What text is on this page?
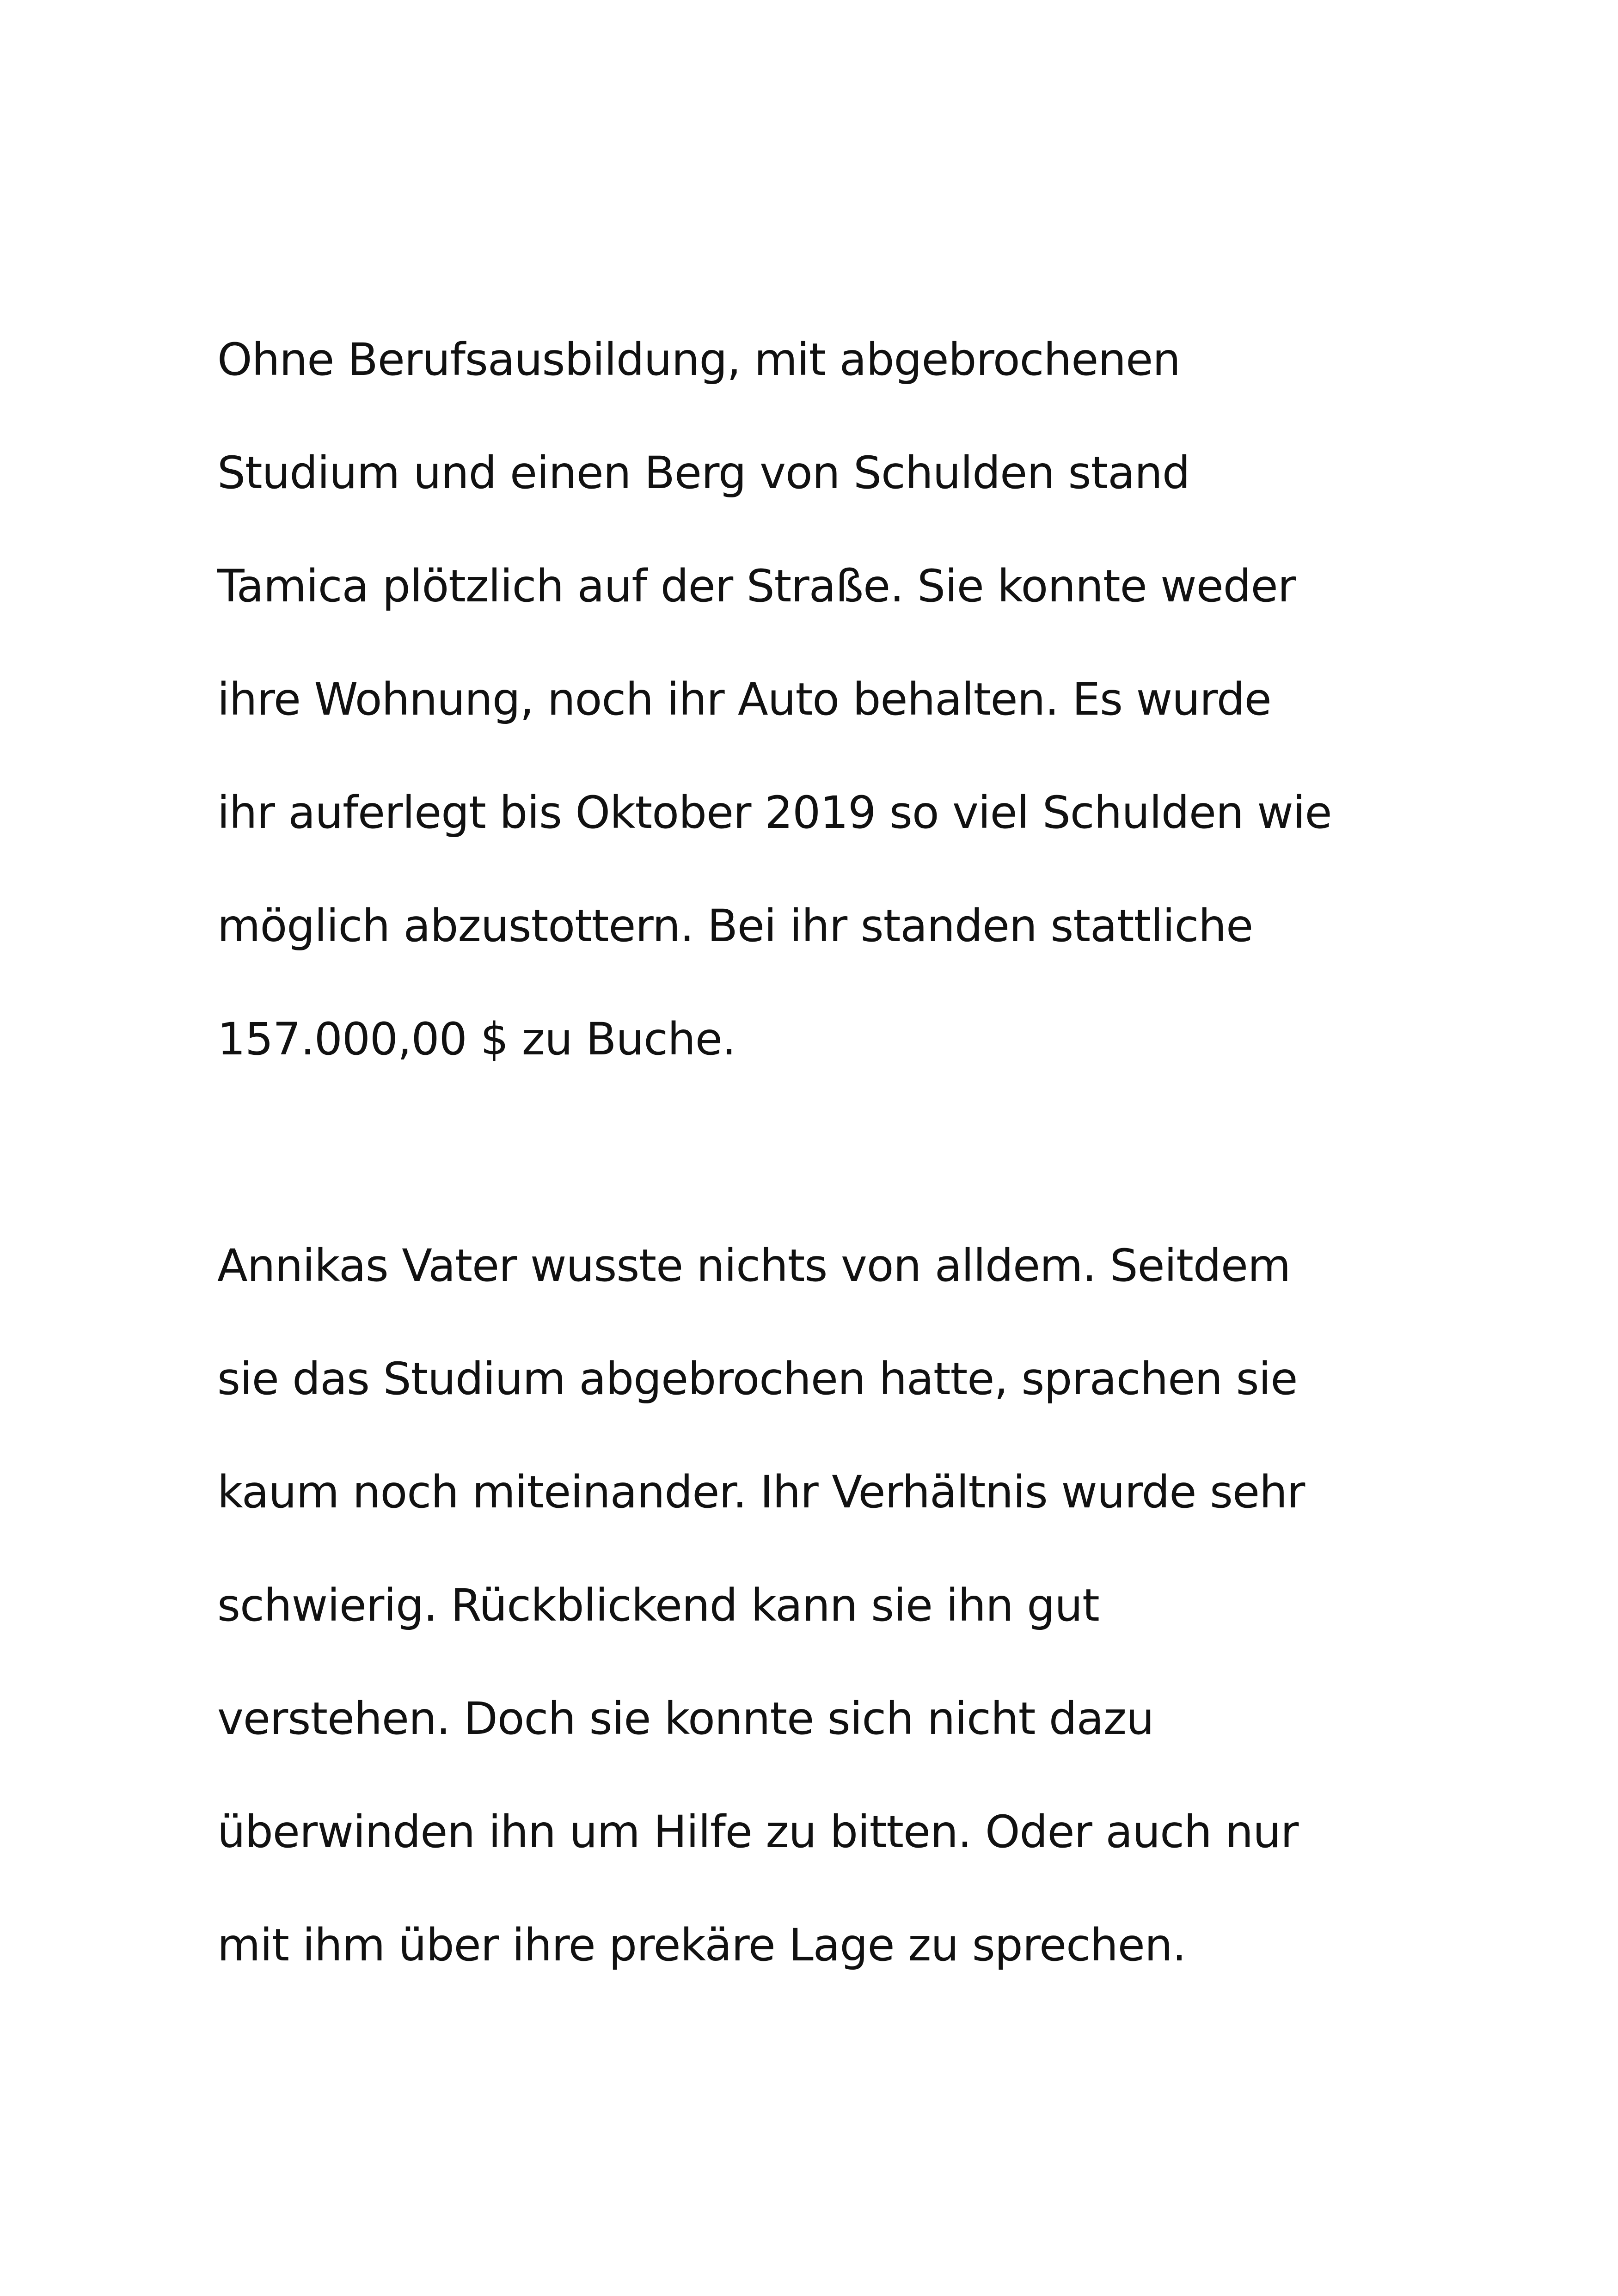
Ohne Berufsausbildung, mit abgebrochenen

Studium und einen Berg von Schulden stand

Tamica plötzlich auf der Straße. Sie konnte weder

ihre Wohnung, noch ihr Auto behalten. Es wurde

ihr auferlegt bis Oktober 2019 so viel Schulden wie

möglich abzustottern. Bei ihr standen stattliche

157.000,00 $ zu Buche.

Annikas Vater wusste nichts von alldem. Seitdem

sie das Studium abgebrochen hatte, sprachen sie

kaum noch miteinander. Ihr Verhältnis wurde sehr

schwierig. Rückblickend kann sie ihn gut

verstehen. Doch sie konnte sich nicht dazu

überwinden ihn um Hilfe zu bitten. Oder auch nur

mit ihm über ihre prekäre Lage zu sprechen.
